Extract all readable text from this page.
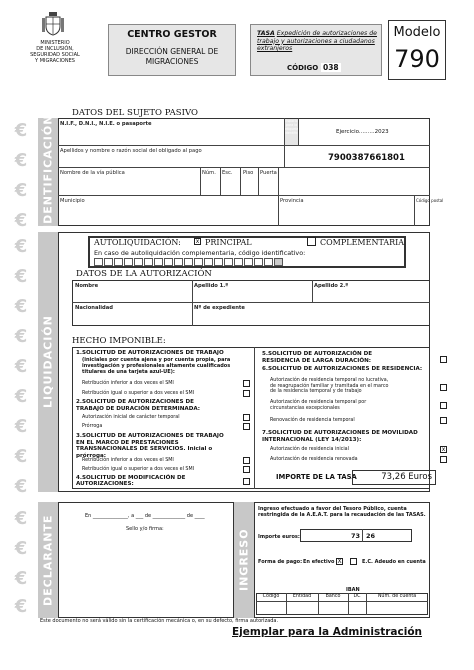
MINISTERIO
DE INCLUSIÓN,
SEGURIDAD SOCIAL
Y MIGRACIONES
CENTRO GESTOR
DIRECCIÓN GENERAL DE MIGRACIONES
TASA Expedición de autorizaciones de trabajo y autorizaciones a ciudadanos extranjeros
CÓDIGO 038
Modelo
790
€
€
€
€	IDENTIFICACIÓN
DATOS DEL SUJETO PASIVO
N.I.F., D.N.I., N.I.E. o pasaporte	Espacio para la etiqueta identificativa	Ejercicio.........2023
Apellidos y nombre o razón social del obligado al pago
7900387661801
Nombre de la vía pública	Núm. Esc. Piso Puerta
Municipio	Provincia	Código postal
€
€
€
€
€
€
€
€
€
LIQUIDACIÓN
AUTOLIQUIDACIÓN: x PRINCIPAL	COMPLEMENTARIA
En caso de autoliquidación complementaria, código identificativo:
DATOS DE LA AUTORIZACIÓN
Nombre	Apellido 1.º	Apellido 2.º
Nacionalidad	Nº de expediente
HECHO IMPONIBLE:
1.SOLICITUD DE AUTORIZACIONES DE TRABAJO
(iniciales por cuenta ajena y por cuenta propia, para investigación y profesionales altamente cualificados titulares de una tarjeta azul-UE):
Retribución inferior a dos veces el SMI
Retribución igual o superior a dos veces el SMI
2.SOLICITUD DE AUTORIZACIONES DE TRABAJO DE DURACIÓN DETERMINADA:
Autorización inicial de carácter temporal
Prórroga
3.SOLICITUD DE AUTORIZACIONES DE TRABAJO EN EL MARCO DE PRESTACIONES TRANSNACIONALES DE SERVICIOS. Inicial o prórroga:
Retribución inferior a dos veces el SMI
Retribución igual o superior a dos veces el SMI
4.SOLICITUD DE MODIFICACIÓN DE AUTORIZACIONES:
5.SOLICITUD DE AUTORIZACIÓN DE RESIDENCIA DE LARGA DURACIÓN:
6.SOLICITUD DE AUTORIZACIONES DE RESIDENCIA:
Autorización de residencia temporal no lucrativa, de reagrupación familiar y tramitada en el marco de la residencia temporal y de trabajo
Autorización de residencia temporal por circunstancias excepcionales
Renovación de residencia temporal
7.SOLICITUD DE AUTORIZACIONES DE MOVILIDAD INTERNACIONAL (LEY 14/2013):
Autorización de residencia inicial	x
Autorización de residencia renovada
IMPORTE DE LA TASA	73,26 Euros
€
€
€
€
DECLARANTE	En ______________, a ___ de _____________ de ____
Sello y/o firma:	INGRESO
Ingreso efectuado a favor del Tesoro Público, cuenta restringida de la A.E.A.T. para la recaudación de las TASAS.
Importe euros:	73 26
Forma de pago: En efectivo X	E.C. Adeudo en cuenta
IBAN
Código	Entidad	Banco	DC	Núm. de cuenta
Este documento no será válido sin la certificación mecánica o, en su defecto, firma autorizada.
Ejemplar para la Administración
